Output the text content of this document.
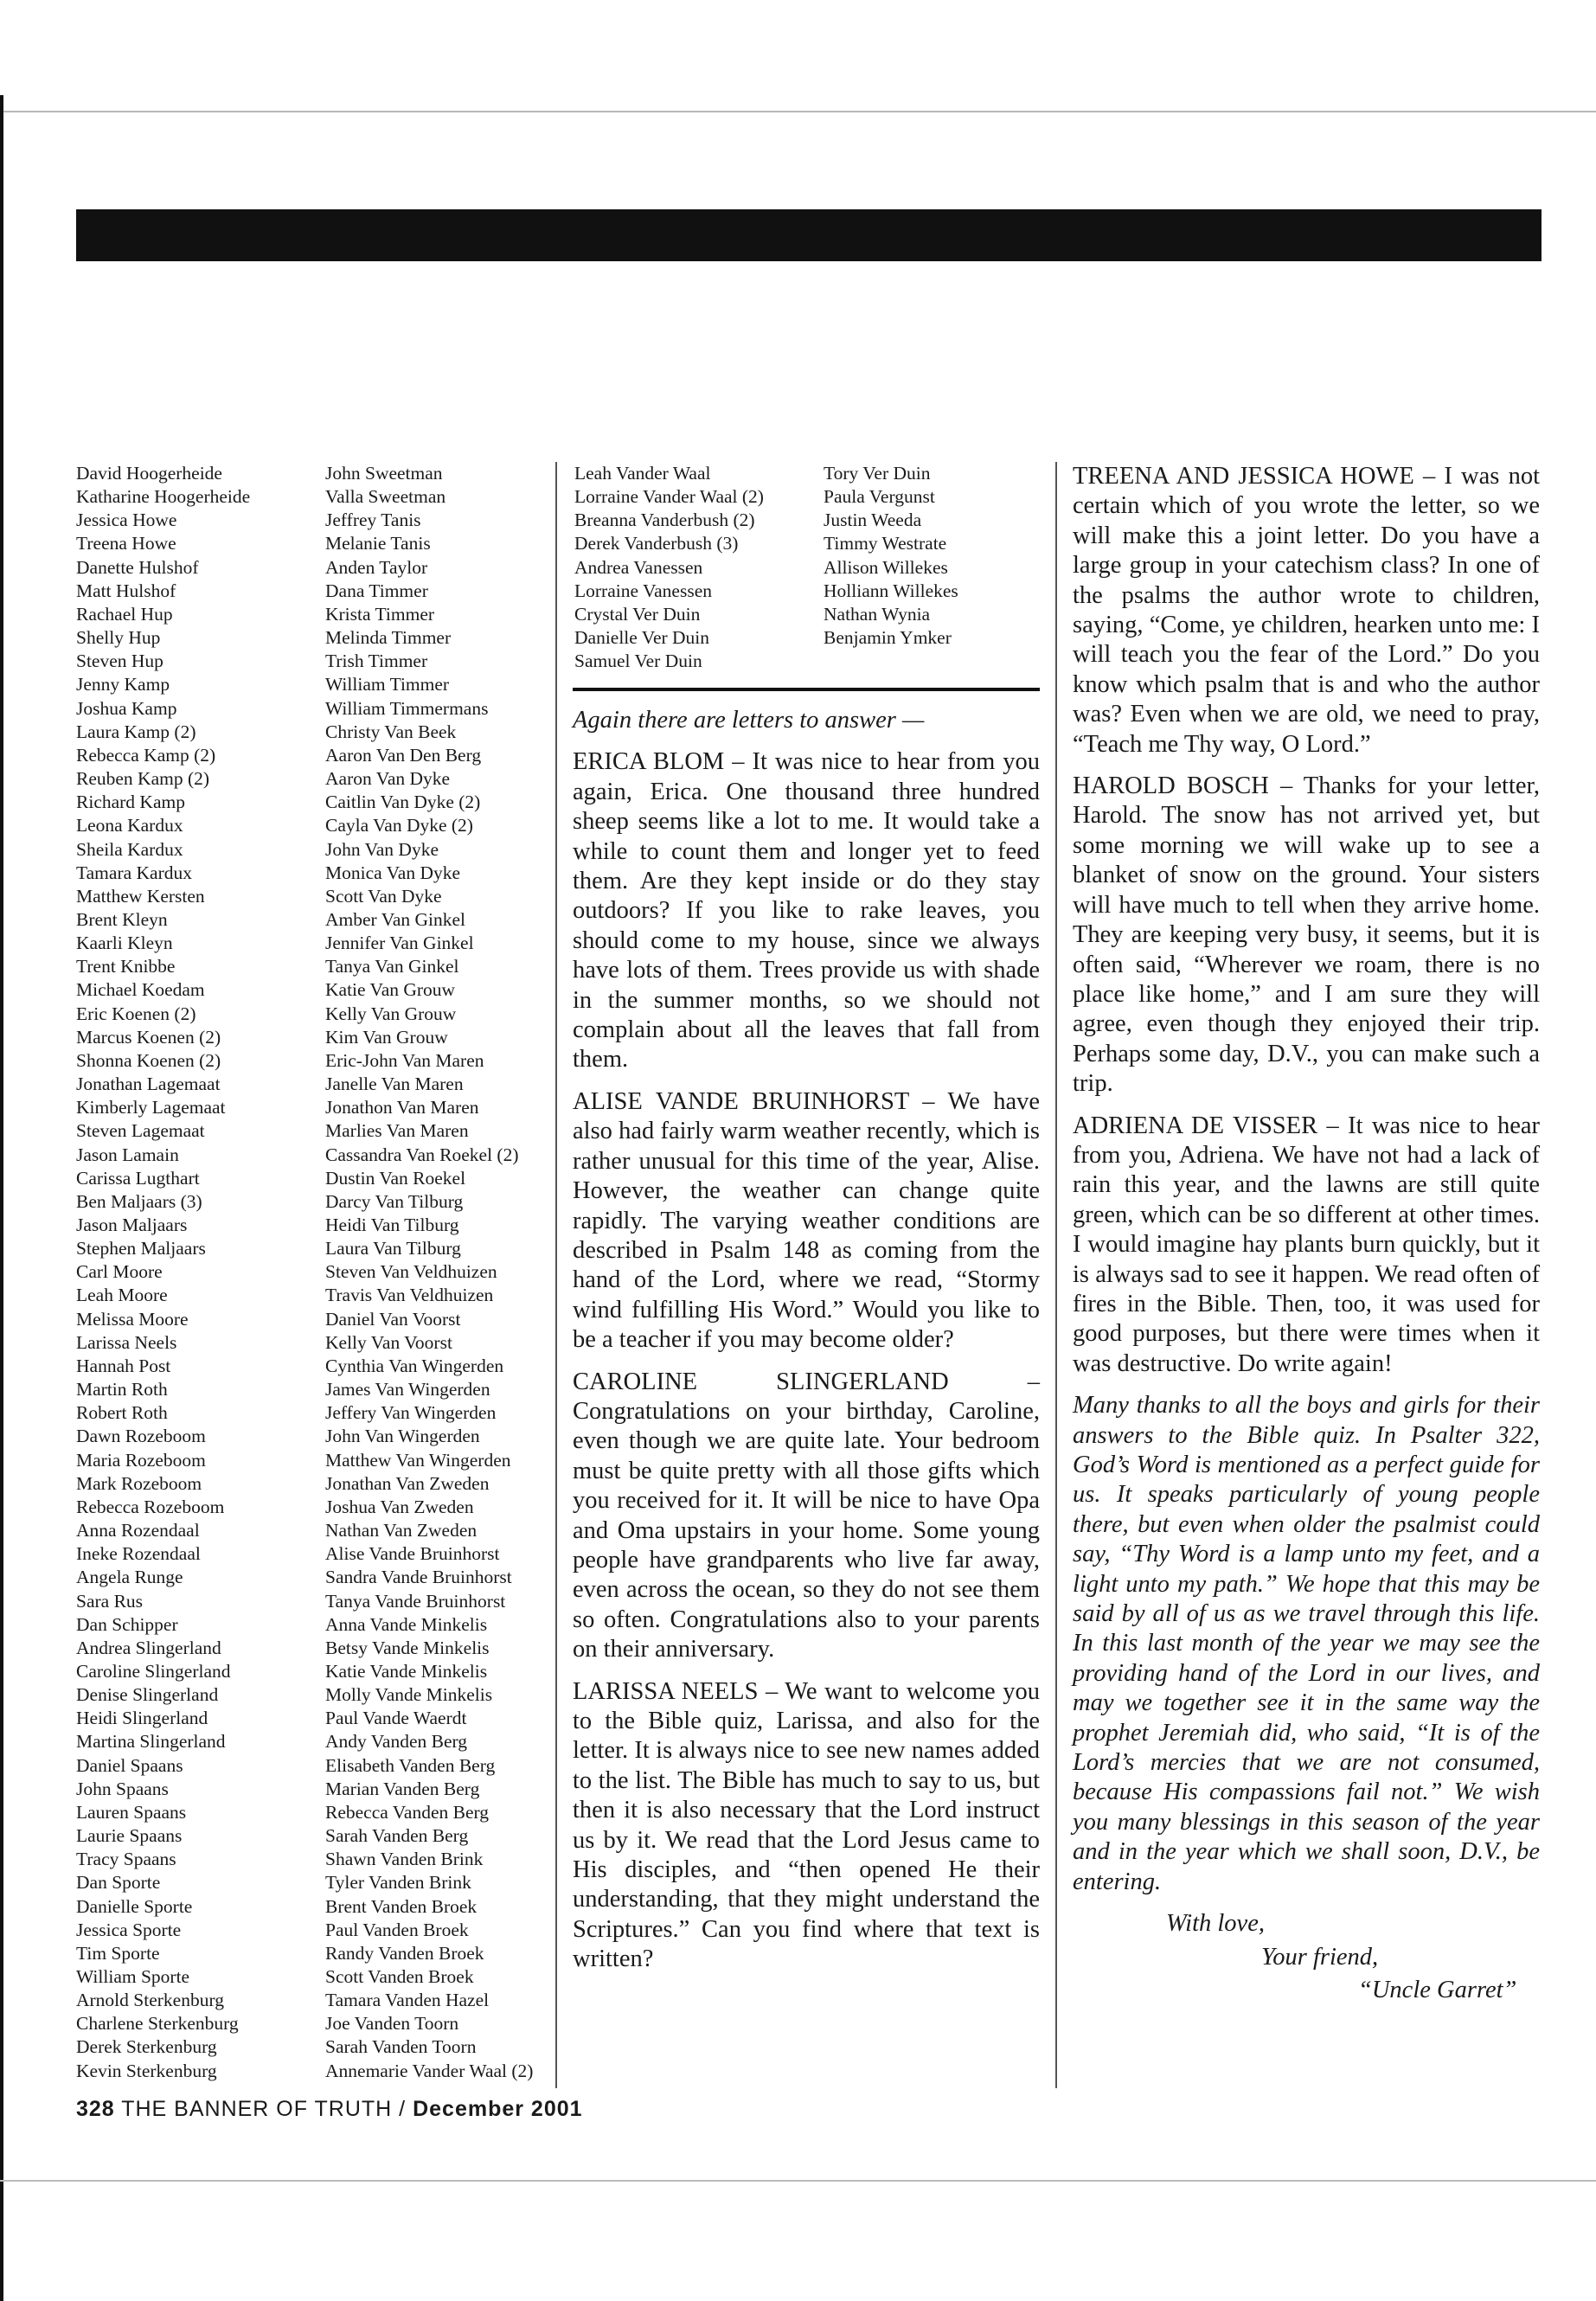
David Hoogerheide
Katharine Hoogerheide
Jessica Howe
Treena Howe
Danette Hulshof
Matt Hulshof
Rachael Hup
Shelly Hup
Steven Hup
Jenny Kamp
Joshua Kamp
Laura Kamp (2)
Rebecca Kamp (2)
Reuben Kamp (2)
Richard Kamp
Leona Kardux
Sheila Kardux
Tamara Kardux
Matthew Kersten
Brent Kleyn
Kaarli Kleyn
Trent Knibbe
Michael Koedam
Eric Koenen (2)
Marcus Koenen (2)
Shonna Koenen (2)
Jonathan Lagemaat
Kimberly Lagemaat
Steven Lagemaat
Jason Lamain
Carissa Lugthart
Ben Maljaars (3)
Jason Maljaars
Stephen Maljaars
Carl Moore
Leah Moore
Melissa Moore
Larissa Neels
Hannah Post
Martin Roth
Robert Roth
Dawn Rozeboom
Maria Rozeboom
Mark Rozeboom
Rebecca Rozeboom
Anna Rozendaal
Ineke Rozendaal
Angela Runge
Sara Rus
Dan Schipper
Andrea Slingerland
Caroline Slingerland
Denise Slingerland
Heidi Slingerland
Martina Slingerland
Daniel Spaans
John Spaans
Lauren Spaans
Laurie Spaans
Tracy Spaans
Dan Sporte
Danielle Sporte
Jessica Sporte
Tim Sporte
William Sporte
Arnold Sterkenburg
Charlene Sterkenburg
Derek Sterkenburg
Kevin Sterkenburg
John Sweetman
Valla Sweetman
Jeffrey Tanis
Melanie Tanis
Anden Taylor
Dana Timmer
Krista Timmer
Melinda Timmer
Trish Timmer
William Timmer
William Timmermans
Christy Van Beek
Aaron Van Den Berg
Aaron Van Dyke
Caitlin Van Dyke (2)
Cayla Van Dyke (2)
John Van Dyke
Monica Van Dyke
Scott Van Dyke
Amber Van Ginkel
Jennifer Van Ginkel
Tanya Van Ginkel
Katie Van Grouw
Kelly Van Grouw
Kim Van Grouw
Eric-John Van Maren
Janelle Van Maren
Jonathon Van Maren
Marlies Van Maren
Cassandra Van Roekel (2)
Dustin Van Roekel
Darcy Van Tilburg
Heidi Van Tilburg
Laura Van Tilburg
Steven Van Veldhuizen
Travis Van Veldhuizen
Daniel Van Voorst
Kelly Van Voorst
Cynthia Van Wingerden
James Van Wingerden
Jeffery Van Wingerden
John Van Wingerden
Matthew Van Wingerden
Jonathan Van Zweden
Joshua Van Zweden
Nathan Van Zweden
Alise Vande Bruinhorst
Sandra Vande Bruinhorst
Tanya Vande Bruinhorst
Anna Vande Minkelis
Betsy Vande Minkelis
Katie Vande Minkelis
Molly Vande Minkelis
Paul Vande Waerdt
Andy Vanden Berg
Elisabeth Vanden Berg
Marian Vanden Berg
Rebecca Vanden Berg
Sarah Vanden Berg
Shawn Vanden Brink
Tyler Vanden Brink
Brent Vanden Broek
Paul Vanden Broek
Randy Vanden Broek
Scott Vanden Broek
Tamara Vanden Hazel
Joe Vanden Toorn
Sarah Vanden Toorn
Annemarie Vander Waal (2)
Leah Vander Waal
Lorraine Vander Waal (2)
Breanna Vanderbush (2)
Derek Vanderbush (3)
Andrea Vanessen
Lorraine Vanessen
Crystal Ver Duin
Danielle Ver Duin
Samuel Ver Duin
Tory Ver Duin
Paula Vergunst
Justin Weeda
Timmy Westrate
Allison Willekes
Holliann Willekes
Nathan Wynia
Benjamin Ymker

Again there are letters to answer —

ERICA BLOM – It was nice to hear from you again, Erica. One thousand three hundred sheep seems like a lot to me. It would take a while to count them and longer yet to feed them. Are they kept inside or do they stay outdoors? If you like to rake leaves, you should come to my house, since we always have lots of them. Trees provide us with shade in the summer months, so we should not complain about all the leaves that fall from them.

ALISE VANDE BRUINHORST – We have also had fairly warm weather recently, which is rather unusual for this time of the year, Alise. However, the weather can change quite rapidly. The varying weather conditions are described in Psalm 148 as coming from the hand of the Lord, where we read, “Stormy wind fulfilling His Word.” Would you like to be a teacher if you may become older?

CAROLINE SLINGERLAND – Congratulations on your birthday, Caroline, even though we are quite late. Your bedroom must be quite pretty with all those gifts which you received for it. It will be nice to have Opa and Oma upstairs in your home. Some young people have grandparents who live far away, even across the ocean, so they do not see them so often. Congratulations also to your parents on their anniversary.

LARISSA NEELS – We want to welcome you to the Bible quiz, Larissa, and also for the letter. It is always nice to see new names added to the list. The Bible has much to say to us, but then it is also necessary that the Lord instruct us by it. We read that the Lord Jesus came to His disciples, and “then opened He their understanding, that they might understand the Scriptures.” Can you find where that text is written?

TREENA AND JESSICA HOWE – I was not certain which of you wrote the letter, so we will make this a joint letter. Do you have a large group in your catechism class? In one of the psalms the author wrote to children, saying, “Come, ye children, hearken unto me: I will teach you the fear of the Lord.” Do you know which psalm that is and who the author was? Even when we are old, we need to pray, “Teach me Thy way, O Lord.”

HAROLD BOSCH – Thanks for your letter, Harold. The snow has not arrived yet, but some morning we will wake up to see a blanket of snow on the ground. Your sisters will have much to tell when they arrive home. They are keeping very busy, it seems, but it is often said, “Wherever we roam, there is no place like home,” and I am sure they will agree, even though they enjoyed their trip. Perhaps some day, D.V., you can make such a trip.

ADRIENA DE VISSER – It was nice to hear from you, Adriena. We have not had a lack of rain this year, and the lawns are still quite green, which can be so different at other times. I would imagine hay plants burn quickly, but it is always sad to see it happen. We read often of fires in the Bible. Then, too, it was used for good purposes, but there were times when it was destructive. Do write again!

Many thanks to all the boys and girls for their answers to the Bible quiz. In Psalter 322, God’s Word is mentioned as a perfect guide for us. It speaks particularly of young people there, but even when older the psalmist could say, “Thy Word is a lamp unto my feet, and a light unto my path.” We hope that this may be said by all of us as we travel through this life. In this last month of the year we may see the providing hand of the Lord in our lives, and may we together see it in the same way the prophet Jeremiah did, who said, “It is of the Lord’s mercies that we are not consumed, because His compassions fail not.” We wish you many blessings in this season of the year and in the year which we shall soon, D.V., be entering.

With love,
Your friend,
“Uncle Garret”
328 THE BANNER OF TRUTH / December 2001
